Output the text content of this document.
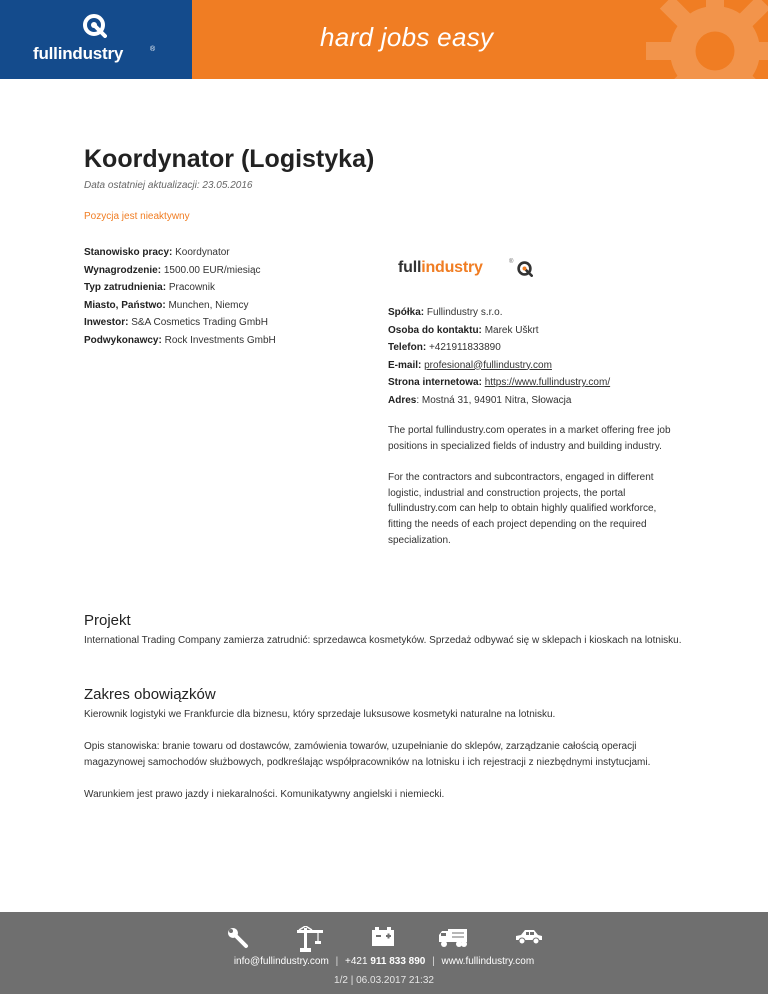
fullindustry	®	hard jobs easy
Koordynator (Logistyka)
Data ostatniej aktualizacji: 23.05.2016
Pozycja jest nieaktywny
Stanowisko pracy: Koordynator
Wynagrodzenie: 1500.00 EUR/miesiąc
Typ zatrudnienia: Pracownik
Miasto, Państwo: Munchen, Niemcy
Inwestor: S&A Cosmetics Trading GmbH
Podwykonawcy: Rock Investments GmbH
fullindustry	®
Spółka: Fullindustry s.r.o.
Osoba do kontaktu: Marek Uškrt
Telefon: +421911833890
E-mail: profesional@fullindustry.com
Strona internetowa: https://www.fullindustry.com/
Adres: Mostná 31, 94901 Nitra, Słowacja

The portal fullindustry.com operates in a market offering free job positions in specialized fields of industry and building industry.

For the contractors and subcontractors, engaged in different logistic, industrial and construction projects, the portal fullindustry.com can help to obtain highly qualified workforce, fitting the needs of each project depending on the required specialization.

Projekt

International Trading Company zamierza zatrudnić: sprzedawca kosmetyków. Sprzedaż odbywać się w sklepach i kioskach na lotnisku.

Zakres obowiązków

Kierownik logistyki we Frankfurcie dla biznesu, który sprzedaje luksusowe kosmetyki naturalne na lotnisku.

Opis stanowiska: branie towaru od dostawców, zamówienia towarów, uzupełnianie do sklepów, zarządzanie całością operacji magazynowej samochodów służbowych, podkreślając współpracowników na lotnisku i ich rejestracji z niezbędnymi instytucjami.

Warunkiem jest prawo jazdy i niekaralności. Komunikatywny angielski i niemiecki.

info@fullindustry.com | +421 911 833 890 | www.fullindustry.com
1/2 | 06.03.2017 21:32
